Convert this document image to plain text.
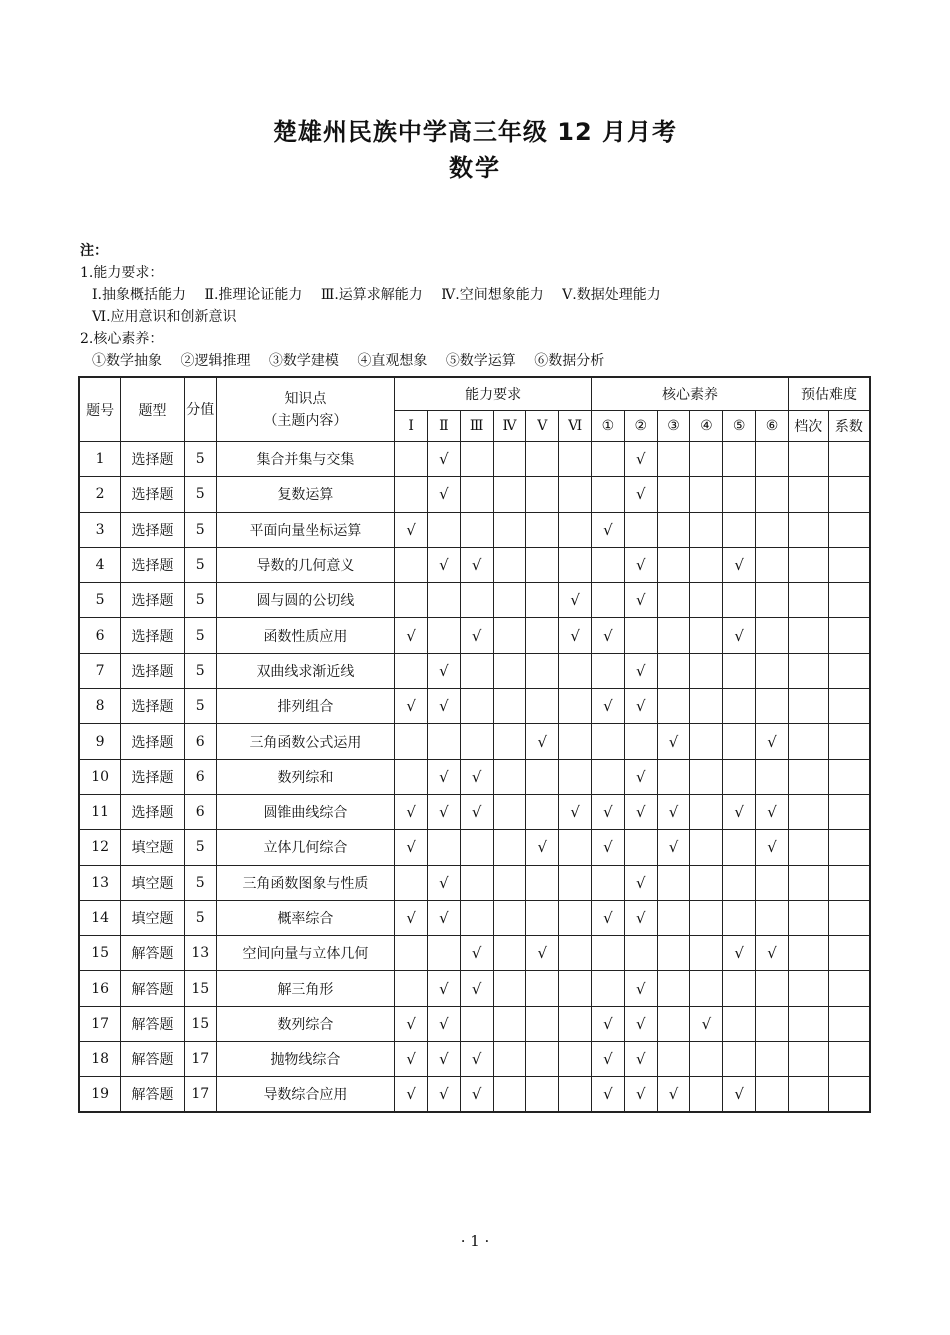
楚雄州民族中学高三年级 12 月月考
数学
注：
1.能力要求：
Ⅰ.抽象概括能力 Ⅱ.推理论证能力 Ⅲ.运算求解能力 Ⅳ.空间想象能力 Ⅴ.数据处理能力
Ⅵ.应用意识和创新意识
2.核心素养：
①数学抽象 ②逻辑推理 ③数学建模 ④直观想象 ⑤数学运算 ⑥数据分析
题号	题型	分值	知识点
（主题内容）	能力要求						核心素养						预估难度	
				Ⅰ	Ⅱ	Ⅲ	Ⅳ	Ⅴ	Ⅵ	①	②	③	④	⑤	⑥	档次	系数
1	选择题	5	集合并集与交集		√						√						
2	选择题	5	复数运算		√						√						
3	选择题	5	平面向量坐标运算	√						√							
4	选择题	5	导数的几何意义		√	√					√			√			
5	选择题	5	圆与圆的公切线						√		√						
6	选择题	5	函数性质应用	√		√			√	√				√			
7	选择题	5	双曲线求渐近线		√						√						
8	选择题	5	排列组合	√	√					√	√						
9	选择题	6	三角函数公式运用					√				√			√		
10	选择题	6	数列综和		√	√					√						
11	选择题	6	圆锥曲线综合	√	√	√			√	√	√	√		√	√		
12	填空题	5	立体几何综合	√				√		√		√			√		
13	填空题	5	三角函数图象与性质		√						√						
14	填空题	5	概率综合	√	√					√	√						
15	解答题	13	空间向量与立体几何			√		√						√	√		
16	解答题	15	解三角形		√	√					√						
17	解答题	15	数列综合	√	√					√	√		√				
18	解答题	17	抛物线综合	√	√	√				√	√						
19	解答题	17	导数综合应用	√	√	√				√	√	√		√			
· 1 ·
